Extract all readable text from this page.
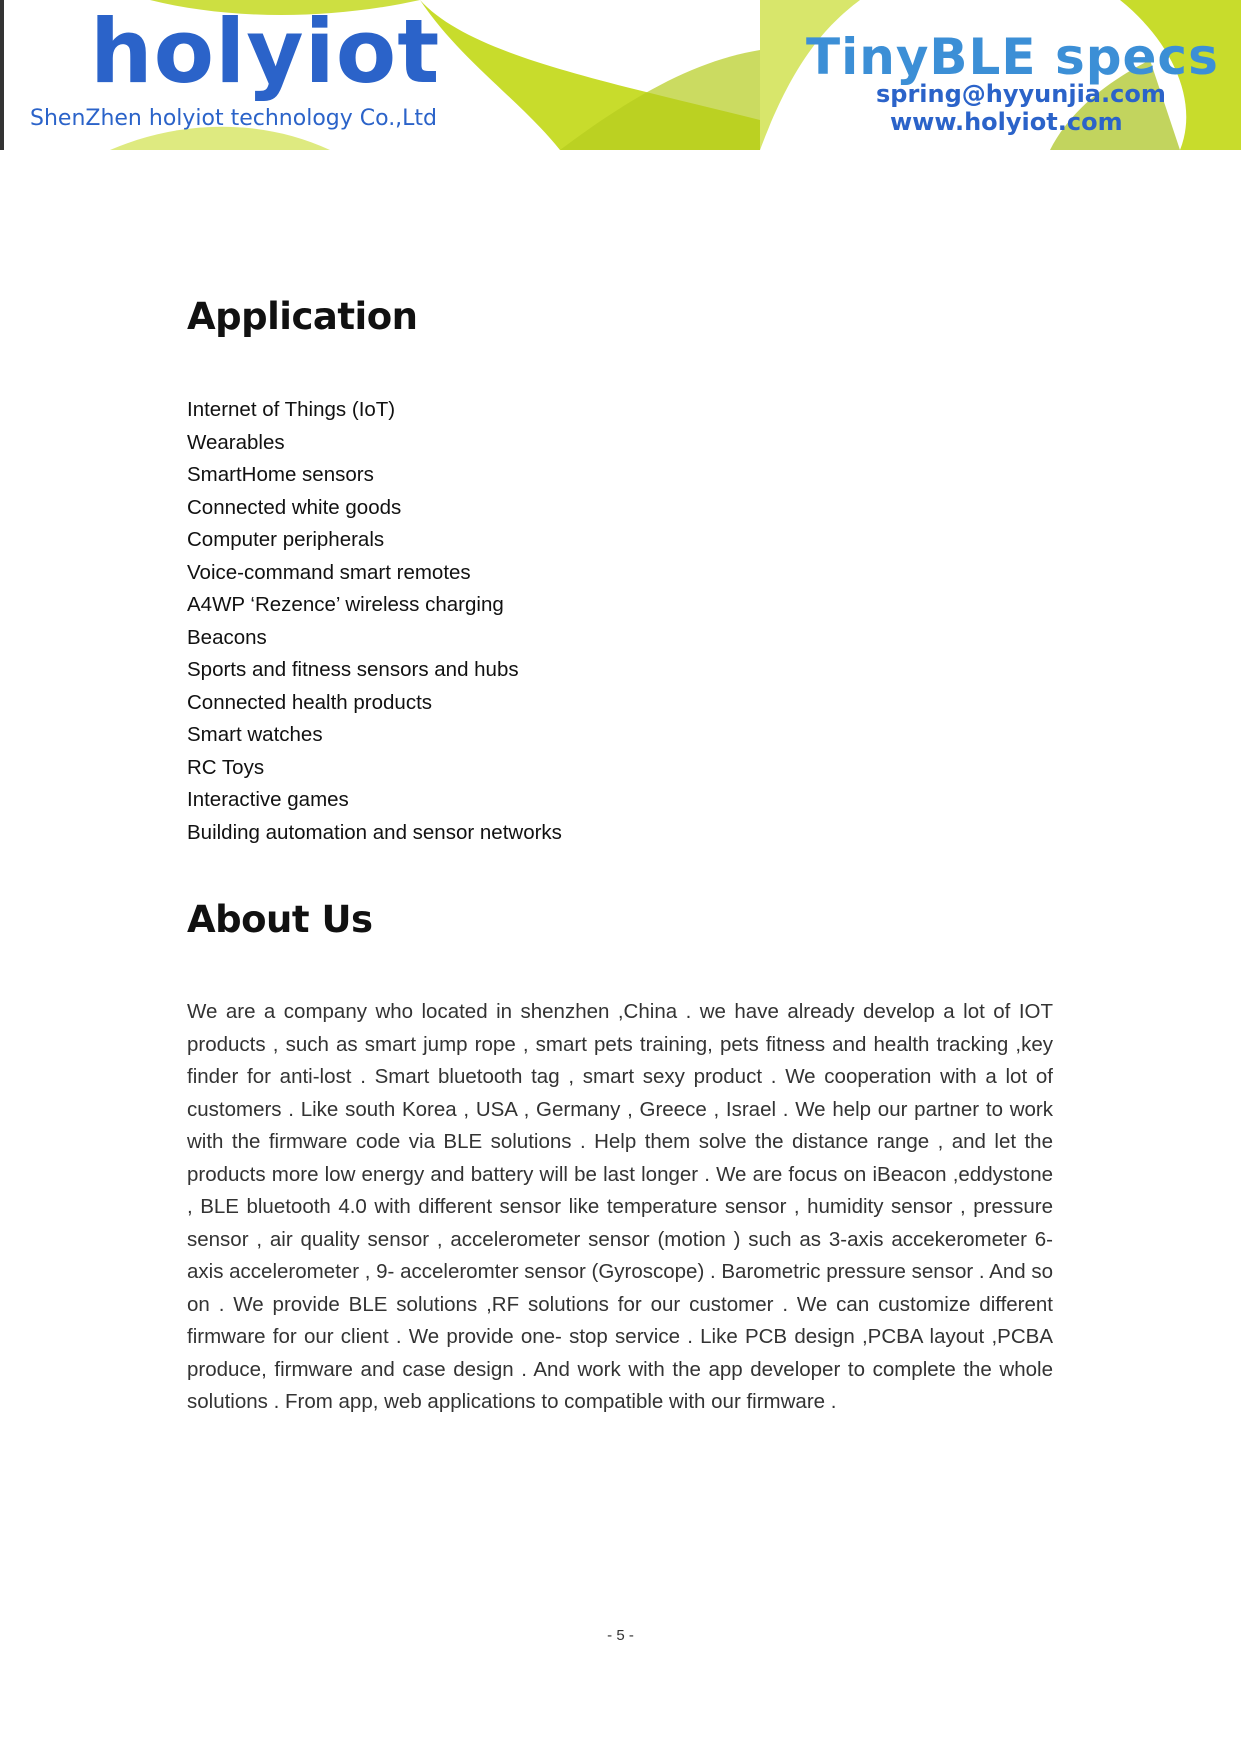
holyiot
ShenZhen holyiot technology Co.,Ltd
TinyBLE specs
spring@hyyunjia.com
www.holyiot.com
Application
Internet of Things (IoT)
Wearables
SmartHome sensors
Connected white goods
Computer peripherals
Voice-command smart remotes
A4WP ‘Rezence’ wireless charging
Beacons
Sports and fitness sensors and hubs
Connected health products
Smart watches
RC Toys
Interactive games
Building automation and sensor networks
About Us

We are a company who located in shenzhen ,China . we have already develop a lot of IOT products , such as smart jump rope , smart pets training, pets fitness and health tracking ,key finder for anti-lost . Smart bluetooth tag , smart sexy product . We cooperation with a lot of customers . Like south Korea , USA , Germany , Greece , Israel . We help our partner to work with the firmware code via BLE solutions . Help them solve the distance range , and let the products more low energy and battery will be last longer . We are focus on iBeacon ,eddystone , BLE bluetooth 4.0 with different sensor like temperature sensor , humidity sensor , pressure sensor , air quality sensor , accelerometer sensor (motion ) such as 3-axis accekerometer 6-axis accelerometer , 9- acceleromter sensor (Gyroscope) . Barometric pressure sensor . And so on . We provide BLE solutions ,RF solutions for our customer . We can customize different firmware for our client . We provide one- stop service . Like PCB design ,PCBA layout ,PCBA produce, firmware and case design . And work with the app developer to complete the whole solutions . From app, web applications to compatible with our firmware .

- 5 -
